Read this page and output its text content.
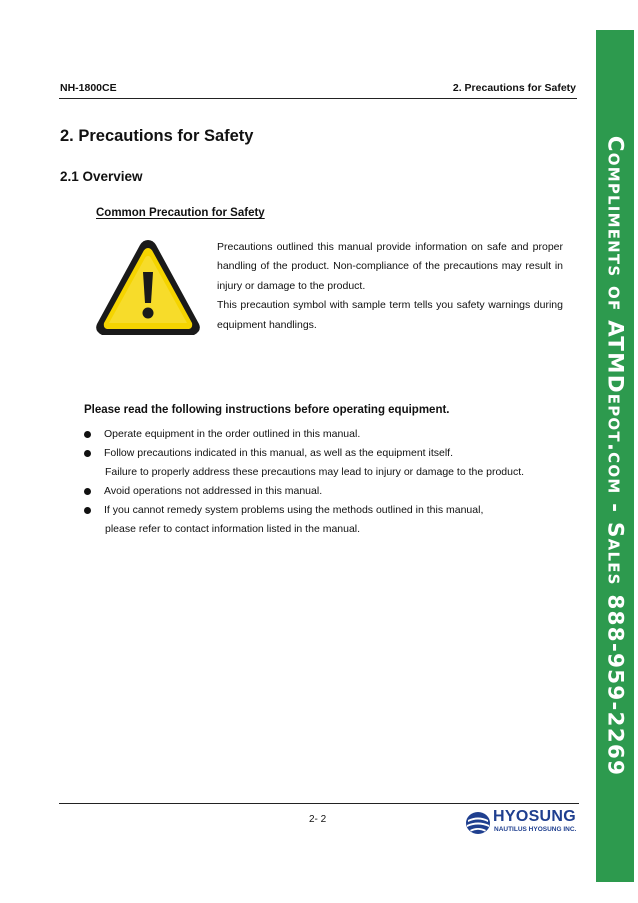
NH-1800CE	2. Precautions for Safety
2. Precautions for Safety
2.1 Overview
Common Precaution for Safety

Precautions outlined this manual provide information on safe and proper handling of the product. Non-compliance of the precautions may result in injury or damage to the product.

This precaution symbol with sample term tells you safety warnings during equipment handlings.

Please read the following instructions before operating equipment.
Operate equipment in the order outlined in this manual.
Follow precautions indicated in this manual, as well as the equipment itself.
Failure to properly address these precautions may lead to injury or damage to the product.
Avoid operations not addressed in this manual.
If you cannot remedy system problems using the methods outlined in this manual,
please refer to contact information listed in the manual.
2- 2	HYOSUNG
NAUTILUS HYOSUNG INC.
Compliments of ATMDepot.com - Sales 888-959-2269
